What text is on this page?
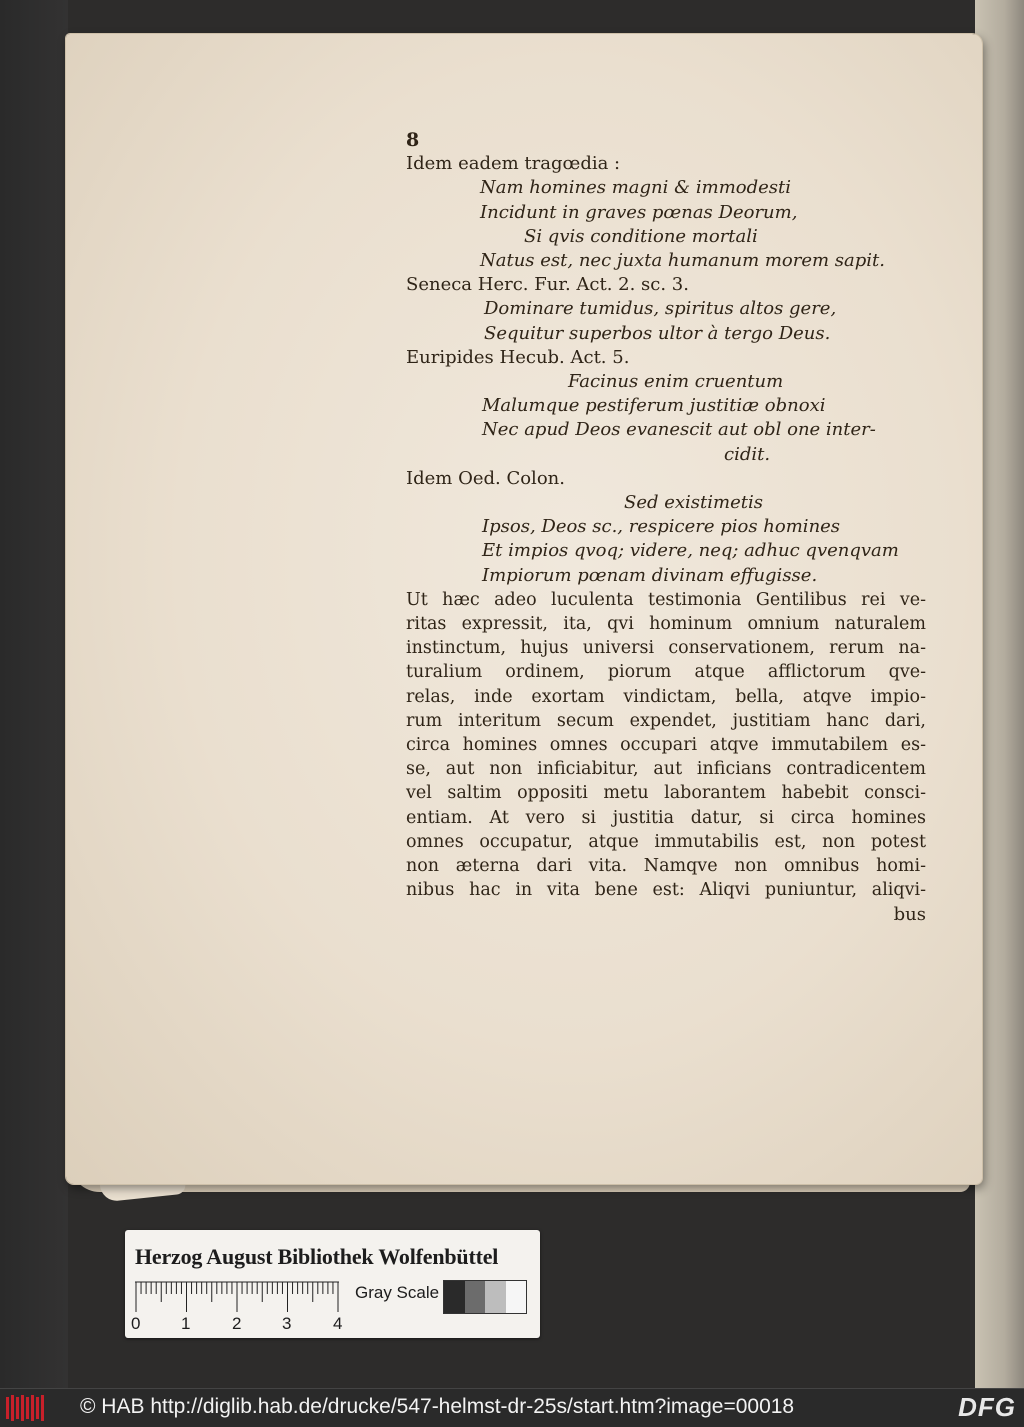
8
Idem eadem tragœdia :
Nam homines magni & immodesti
Incidunt in graves pœnas Deorum,
Si qvis conditione mortali
Natus est, nec juxta humanum morem sapit.
Seneca Herc. Fur. Act. 2. sc. 3.
Dominare tumidus, spiritus altos gere,
Sequitur superbos ultor à tergo Deus.
Euripides Hecub. Act. 5.
Facinus enim cruentum
Malumque pestiferum justitiæ obnoxi
Nec apud Deos evanescit aut obl one inter-
cidit.
Idem Oed. Colon.
Sed existimetis
Ipsos, Deos sc., respicere pios homines
Et impios qvoq; videre, neq; adhuc qvenqvam
Impiorum pœnam divinam effugisse.
Ut hæc adeo luculenta testimonia Gentilibus rei ve-
ritas expressit, ita, qvi hominum omnium naturalem
instinctum, hujus universi conservationem, rerum na-
turalium ordinem, piorum atque afflictorum qve-
relas, inde exortam vindictam, bella, atqve impio-
rum interitum secum expendet, justitiam hanc dari,
circa homines omnes occupari atqve immutabilem es-
se, aut non inficiabitur, aut inficians contradicentem
vel saltim oppositi metu laborantem habebit consci-
entiam. At vero si justitia datur, si circa homines
omnes occupatur, atque immutabilis est, non potest
non æterna dari vita. Namqve non omnibus homi-
nibus hac in vita bene est: Aliqvi puniuntur, aliqvi-
bus
Herzog August Bibliothek Wolfenbüttel
0 1 2 3 4
Gray Scale
© HAB http://diglib.hab.de/drucke/547-helmst-dr-25s/start.htm?image=00018	DFG
